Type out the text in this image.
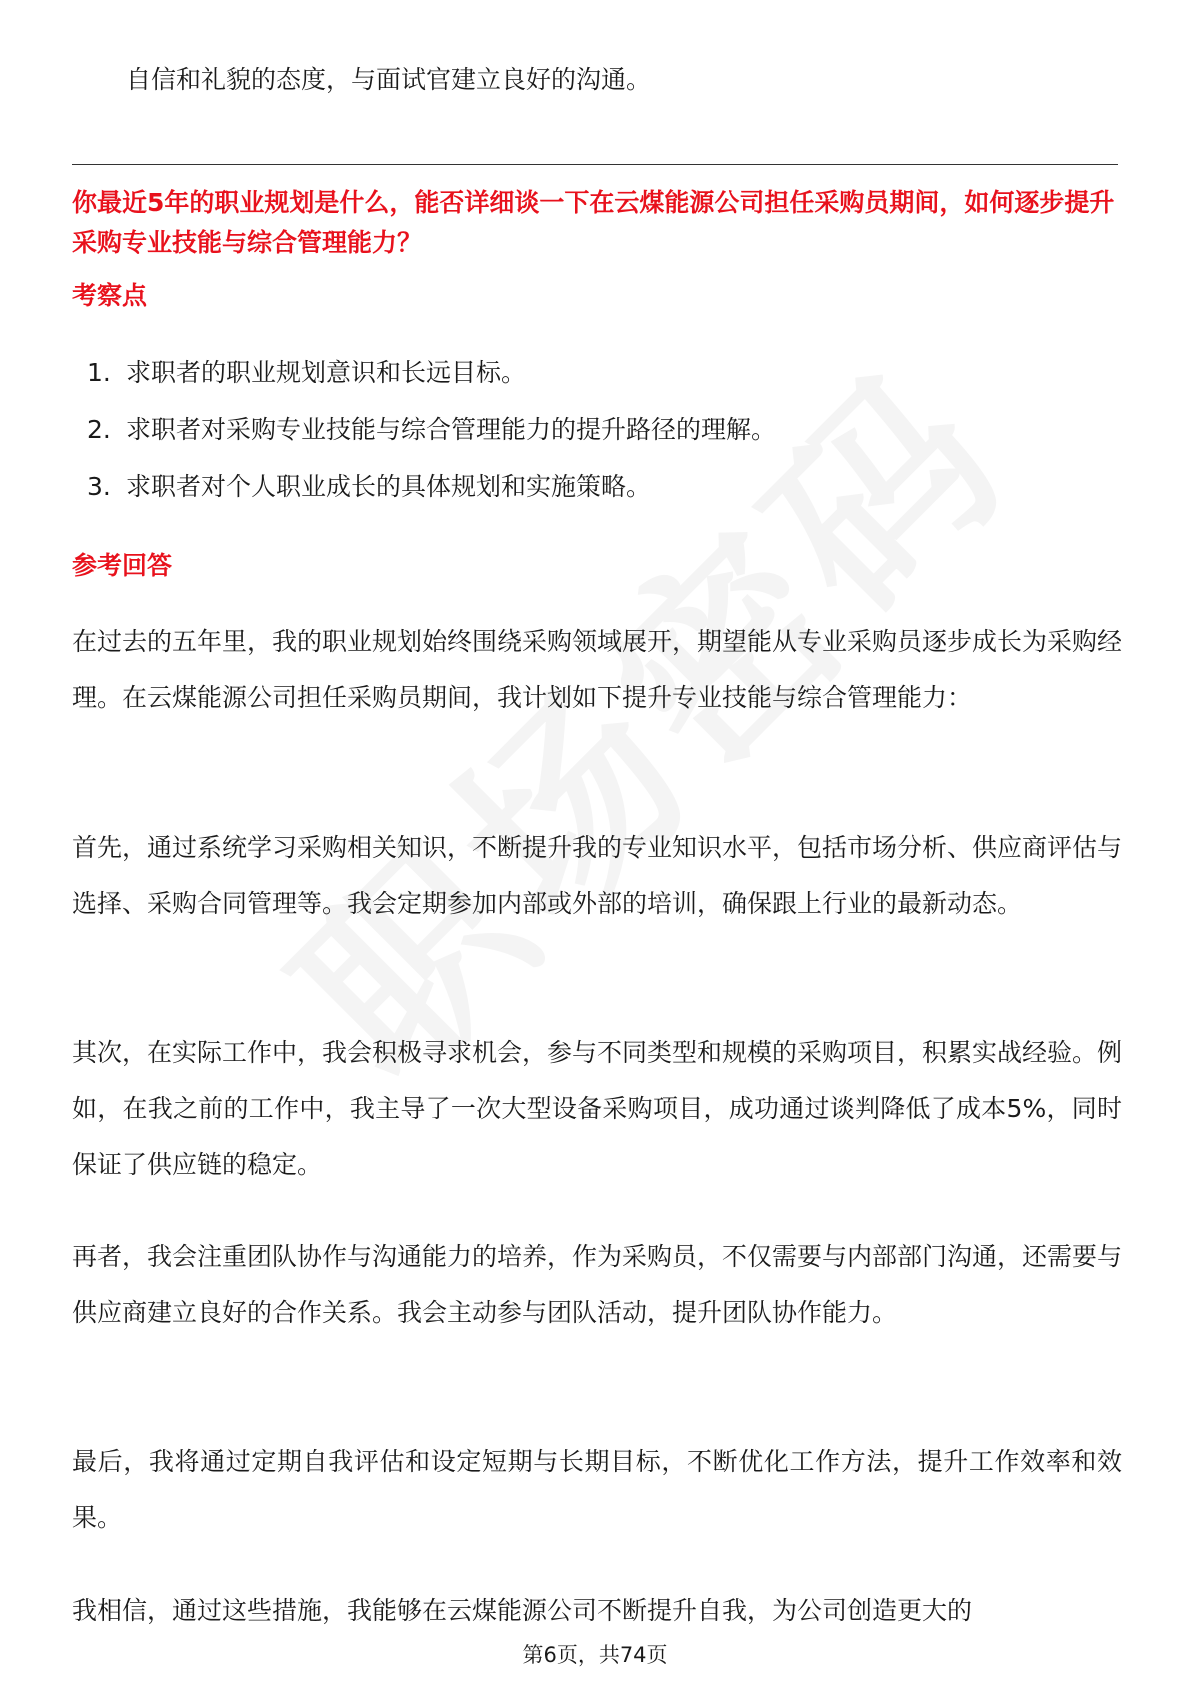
自信和礼貌的态度，与面试官建立良好的沟通。
你最近5年的职业规划是什么，能否详细谈一下在云煤能源公司担任采购员期间，如何逐步提升采购专业技能与综合管理能力？
考察点
1. 求职者的职业规划意识和长远目标。
2. 求职者对采购专业技能与综合管理能力的提升路径的理解。
3. 求职者对个人职业成长的具体规划和实施策略。
参考回答

在过去的五年里，我的职业规划始终围绕采购领域展开，期望能从专业采购员逐步成长为采购经理。在云煤能源公司担任采购员期间，我计划如下提升专业技能与综合管理能力：

首先，通过系统学习采购相关知识，不断提升我的专业知识水平，包括市场分析、供应商评估与选择、采购合同管理等。我会定期参加内部或外部的培训，确保跟上行业的最新动态。

其次，在实际工作中，我会积极寻求机会，参与不同类型和规模的采购项目，积累实战经验。例如，在我之前的工作中，我主导了一次大型设备采购项目，成功通过谈判降低了成本5%，同时保证了供应链的稳定。

再者，我会注重团队协作与沟通能力的培养，作为采购员，不仅需要与内部部门沟通，还需要与供应商建立良好的合作关系。我会主动参与团队活动，提升团队协作能力。

最后，我将通过定期自我评估和设定短期与长期目标，不断优化工作方法，提升工作效率和效果。

我相信，通过这些措施，我能够在云煤能源公司不断提升自我，为公司创造更大的

第6页，共74页
